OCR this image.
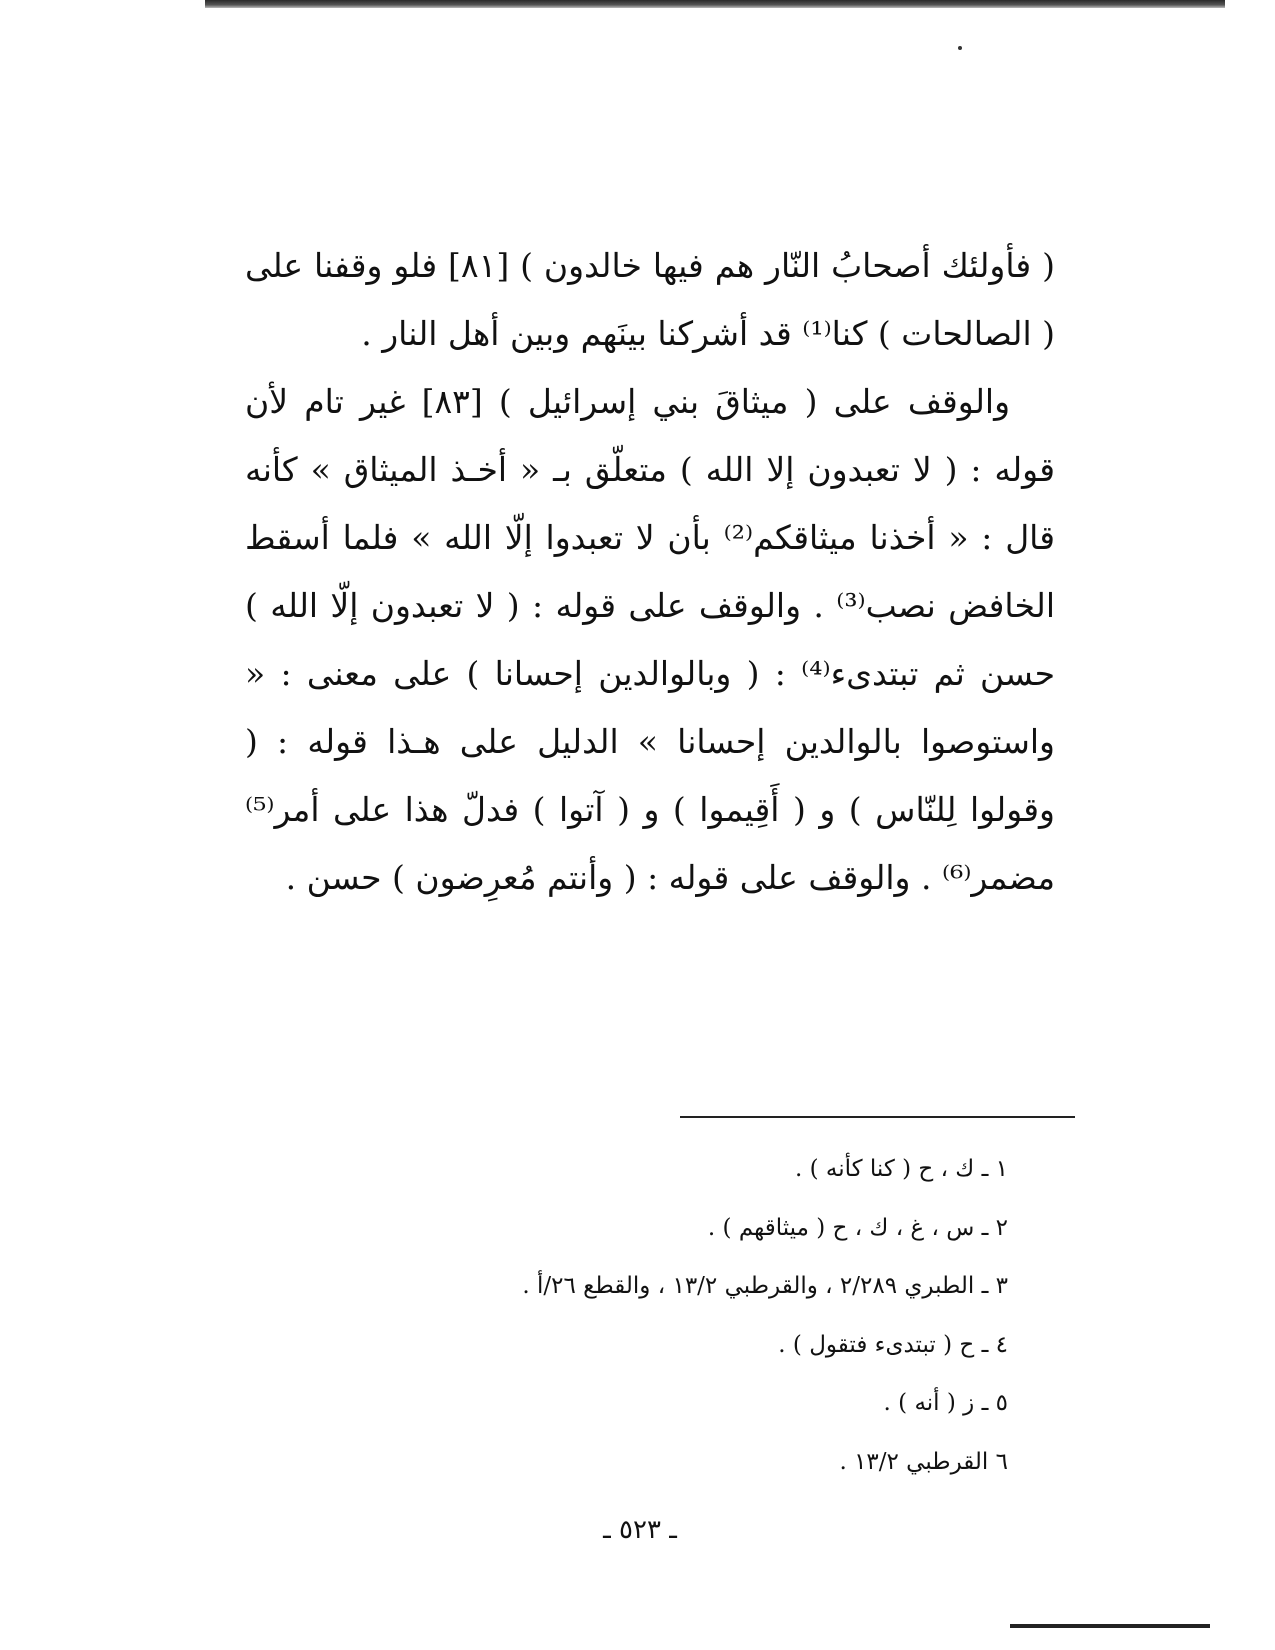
( فأولئك أصحابُ النّار هم فيها خالدون ) [٨١] فلو وقفنا على ( الصالحات ) كنا⁽¹⁾ قد أشركنا بينَهم وبين أهل النار .

والوقف على ( ميثاقَ بني إسرائيل ) [٨٣] غير تام لأن قوله : ( لا تعبدون إلا الله ) متعلّق بـ « أخـذ الميثاق » كأنه قال : « أخذنا ميثاقكم⁽²⁾ بأن لا تعبدوا إلّا الله » فلما أسقط الخافض نصب⁽³⁾ . والوقف على قوله : ( لا تعبدون إلّا الله ) حسن ثم تبتدىء⁽⁴⁾ : ( وبالوالدين إحسانا ) على معنى : « واستوصوا بالوالدين إحسانا » الدليل على هـذا قوله : ( وقولوا لِلنّاس ) و ( أَقِيموا ) و ( آتوا ) فدلّ هذا على أمر⁽⁵⁾ مضمر⁽⁶⁾ . والوقف على قوله : ( وأنتم مُعرِضون ) حسن .

١ ـ ك ، ح ( كنا كأنه ) .
٢ ـ س ، غ ، ك ، ح ( ميثاقهم ) .
٣ ـ الطبري ٢/٢٨٩ ، والقرطبي ١٣/٢ ، والقطع ٢٦/أ .
٤ ـ ح ( تبتدىء فتقول ) .
٥ ـ ز ( أنه ) .
٦ القرطبي ١٣/٢ .
ـ ٥٢٣ ـ
